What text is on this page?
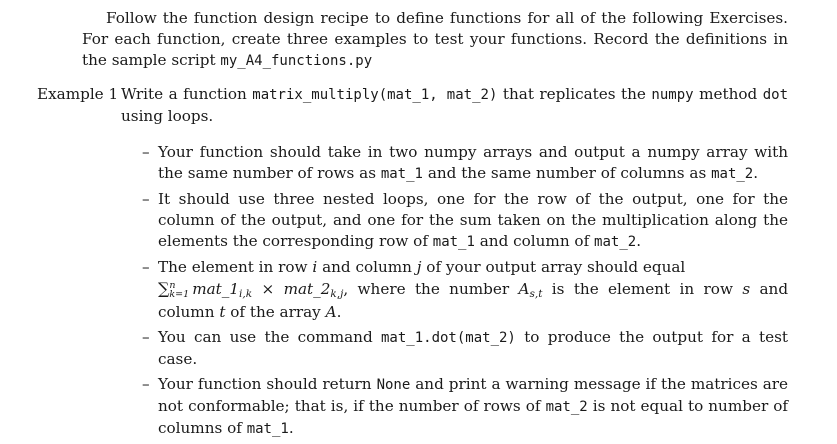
Follow the function design recipe to define functions for all of the following Exercises. For each function, create three examples to test your functions. Record the definitions in the sample script my_A4_functions.py
Example 1 Write a function matrix_multiply(mat_1, mat_2) that replicates the numpy method dot using loops.
– Your function should take in two numpy arrays and output a numpy array with the same number of rows as mat_1 and the same number of columns as mat_2.
– It should use three nested loops, one for the row of the output, one for the column of the output, and one for the sum taken on the multiplication along the elements the corresponding row of mat_1 and column of mat_2.
– The element in row i and column j of your output array should equal
∑n
k=1 mat_1i,k × mat_2k,j, where the number As,t is the element in row s and column t of the array A.
– You can use the command mat_1.dot(mat_2) to produce the output for a test case.
– Your function should return None and print a warning message if the matrices are not conformable; that is, if the number of rows of mat_2 is not equal to number of columns of mat_1.
